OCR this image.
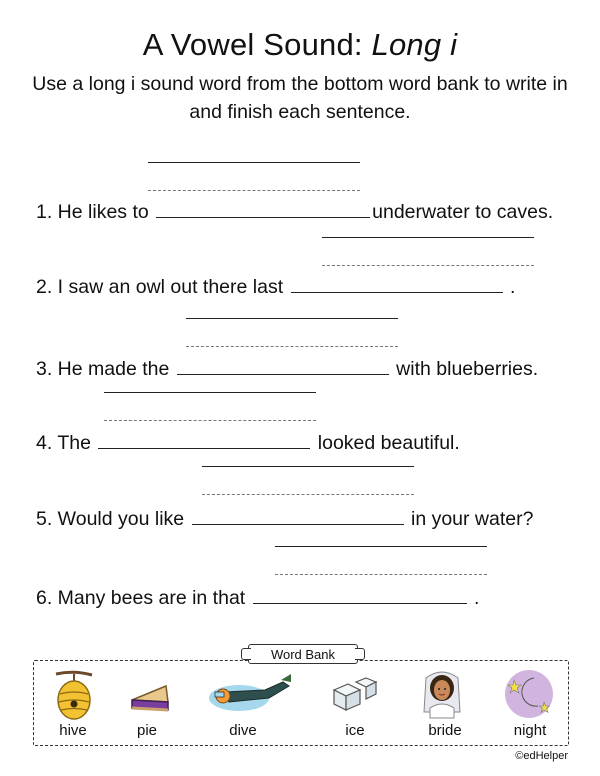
A Vowel Sound: Long i
Use a long i sound word from the bottom word bank to write in and finish each sentence.
1. He likes to	underwater to caves.
2. I saw an owl out there last	.
3. He made the	with blueberries.
4. The	looked beautiful.
5. Would you like	in your water?
6. Many bees are in that	.
Word Bank
hive	pie	dive	ice	bride	night
©edHelper
